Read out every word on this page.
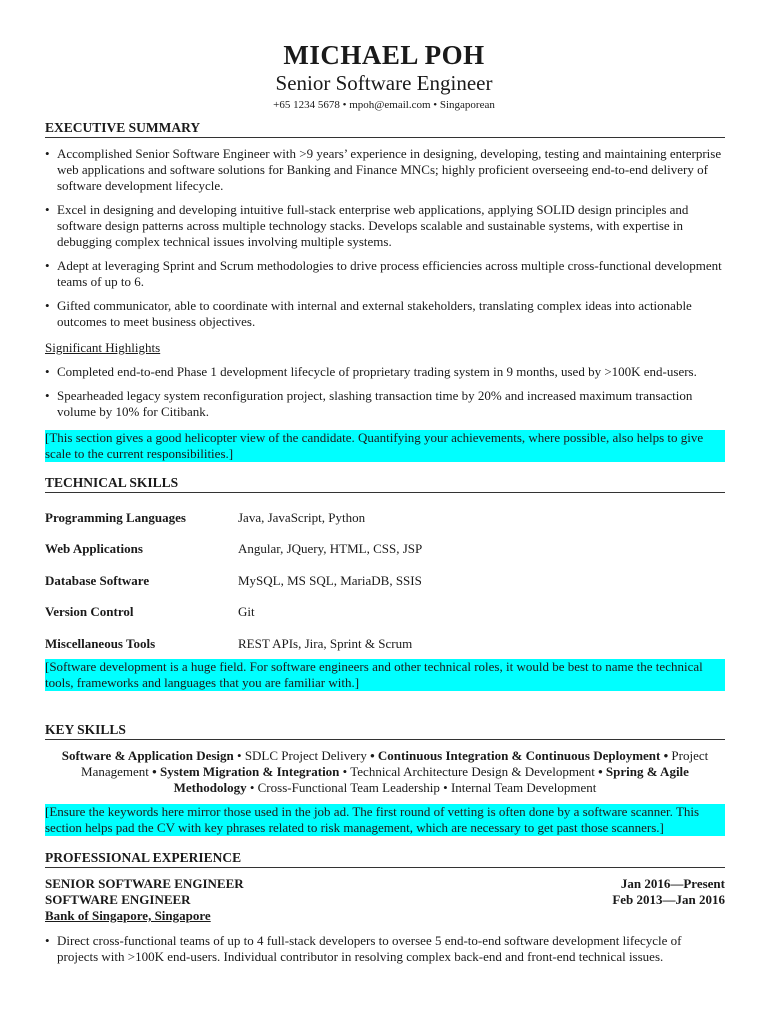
MICHAEL POH
Senior Software Engineer
+65 1234 5678 • mpoh@email.com • Singaporean
EXECUTIVE SUMMARY
• Accomplished Senior Software Engineer with >9 years’ experience in designing, developing, testing and maintaining enterprise web applications and software solutions for Banking and Finance MNCs; highly proficient overseeing end-to-end delivery of software development lifecycle.
• Excel in designing and developing intuitive full-stack enterprise web applications, applying SOLID design principles and software design patterns across multiple technology stacks. Develops scalable and sustainable systems, with expertise in debugging complex technical issues involving multiple systems.
• Adept at leveraging Sprint and Scrum methodologies to drive process efficiencies across multiple cross-functional development teams of up to 6.
• Gifted communicator, able to coordinate with internal and external stakeholders, translating complex ideas into actionable outcomes to meet business objectives.
Significant Highlights
• Completed end-to-end Phase 1 development lifecycle of proprietary trading system in 9 months, used by >100K end-users.
• Spearheaded legacy system reconfiguration project, slashing transaction time by 20% and increased maximum transaction volume by 10% for Citibank.
[This section gives a good helicopter view of the candidate. Quantifying your achievements, where possible, also helps to give scale to the current responsibilities.]
TECHNICAL SKILLS
Programming Languages	Java, JavaScript, Python
Web Applications	Angular, JQuery, HTML, CSS, JSP
Database Software	MySQL, MS SQL, MariaDB, SSIS
Version Control	Git
Miscellaneous Tools	REST APIs, Jira, Sprint & Scrum
[Software development is a huge field. For software engineers and other technical roles, it would be best to name the technical tools, frameworks and languages that you are familiar with.]
KEY SKILLS
Software & Application Design • SDLC Project Delivery • Continuous Integration & Continuous Deployment • Project Management • System Migration & Integration • Technical Architecture Design & Development • Spring & Agile Methodology • Cross-Functional Team Leadership • Internal Team Development
[Ensure the keywords here mirror those used in the job ad. The first round of vetting is often done by a software scanner. This section helps pad the CV with key phrases related to risk management, which are necessary to get past those scanners.]
PROFESSIONAL EXPERIENCE
SENIOR SOFTWARE ENGINEER	Jan 2016—Present
SOFTWARE ENGINEER	Feb 2013—Jan 2016
Bank of Singapore, Singapore
• Direct cross-functional teams of up to 4 full-stack developers to oversee 5 end-to-end software development lifecycle of projects with >100K end-users. Individual contributor in resolving complex back-end and front-end technical issues.
